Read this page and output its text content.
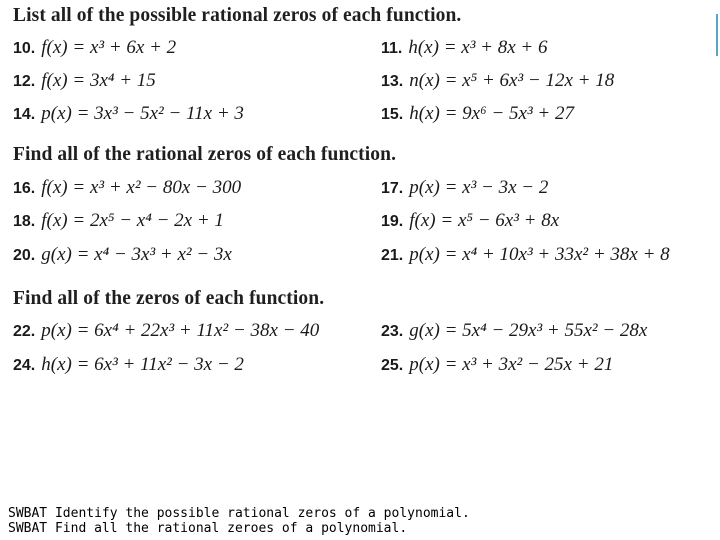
List all of the possible rational zeros of each function.
10. f(x) = x³ + 6x + 2	11. h(x) = x³ + 8x + 6
12. f(x) = 3x⁴ + 15	13. n(x) = x⁵ + 6x³ − 12x + 18
14. p(x) = 3x³ − 5x² − 11x + 3	15. h(x) = 9x⁶ − 5x³ + 27
Find all of the rational zeros of each function.
16. f(x) = x³ + x² − 80x − 300	17. p(x) = x³ − 3x − 2
18. f(x) = 2x⁵ − x⁴ − 2x + 1	19. f(x) = x⁵ − 6x³ + 8x
20. g(x) = x⁴ − 3x³ + x² − 3x	21. p(x) = x⁴ + 10x³ + 33x² + 38x + 8
Find all of the zeros of each function.
22. p(x) = 6x⁴ + 22x³ + 11x² − 38x − 40	23. g(x) = 5x⁴ − 29x³ + 55x² − 28x
24. h(x) = 6x³ + 11x² − 3x − 2	25. p(x) = x³ + 3x² − 25x + 21
SWBAT Identify the possible rational zeros of a polynomial.
SWBAT Find all the rational zeroes of a polynomial.
